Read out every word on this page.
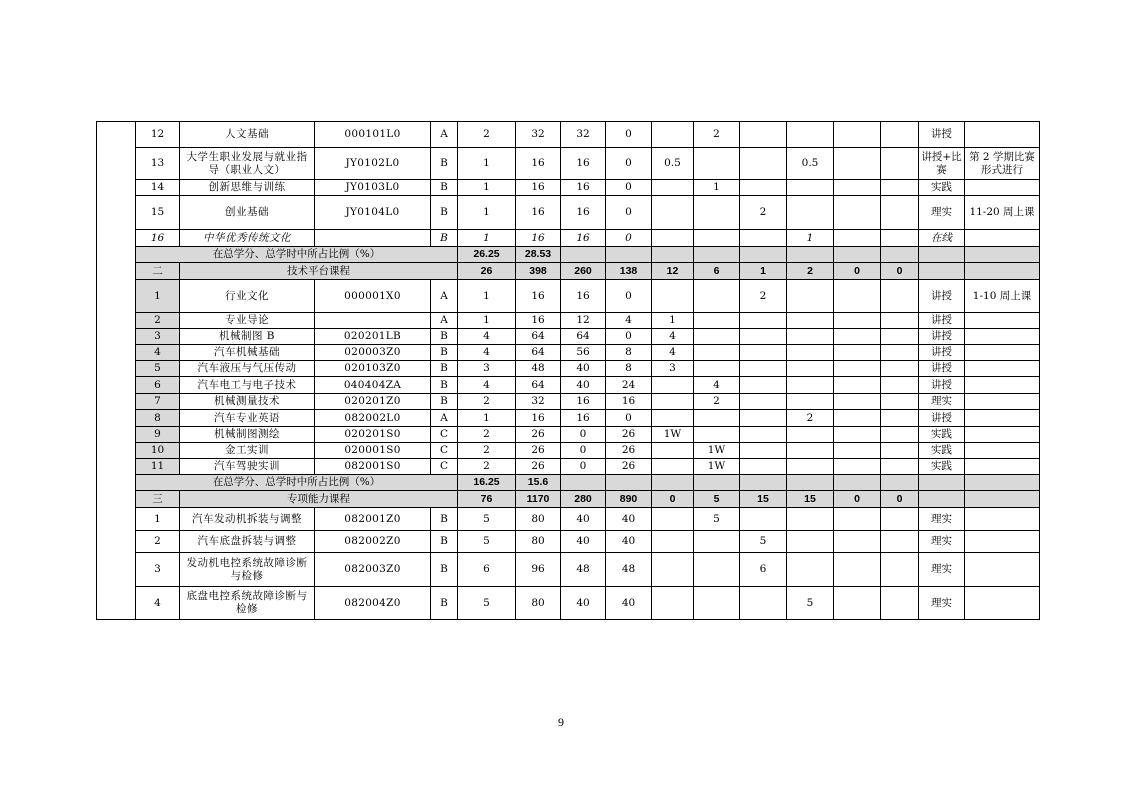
	12	人文基础	000101L0	A	2	32	32	0		2					讲授	
	13	大学生职业发展与就业指导（职业人文）	JY0102L0	B	1	16	16	0	0.5			0.5			讲授+比赛	第 2 学期比赛形式进行
	14	创新思维与训练	JY0103L0	B	1	16	16	0		1					实践	
	15	创业基础	JY0104L0	B	1	16	16	0			2				理实	11-20 周上课
	16	中华优秀传统文化		B	1	16	16	0				1			在线	
	在总学分、总学时中所占比例（%）				26.25	28.53										
	二	技术平台课程			26	398	260	138	12	6	1	2	0	0		
	1	行业文化	000001X0	A	1	16	16	0			2				讲授	1-10 周上课
	2	专业导论		A	1	16	12	4	1						讲授	
	3	机械制图 B	020201LB	B	4	64	64	0	4						讲授	
	4	汽车机械基础	020003Z0	B	4	64	56	8	4						讲授	
	5	汽车液压与气压传动	020103Z0	B	3	48	40	8	3						讲授	
	6	汽车电工与电子技术	040404ZA	B	4	64	40	24		4					讲授	
	7	机械测量技术	020201Z0	B	2	32	16	16		2					理实	
	8	汽车专业英语	082002L0	A	1	16	16	0				2			讲授	
	9	机械制图测绘	020201S0	C	2	26	0	26	1W						实践	
	10	金工实训	020001S0	C	2	26	0	26		1W					实践	
	11	汽车驾驶实训	082001S0	C	2	26	0	26		1W					实践	
	在总学分、总学时中所占比例（%）				16.25	15.6										
	三	专项能力课程			76	1170	280	890	0	5	15	15	0	0		
	1	汽车发动机拆装与调整	082001Z0	B	5	80	40	40		5					理实	
	2	汽车底盘拆装与调整	082002Z0	B	5	80	40	40			5				理实	
	3	发动机电控系统故障诊断与检修	082003Z0	B	6	96	48	48			6				理实	
	4	底盘电控系统故障诊断与检修	082004Z0	B	5	80	40	40				5			理实	
9
